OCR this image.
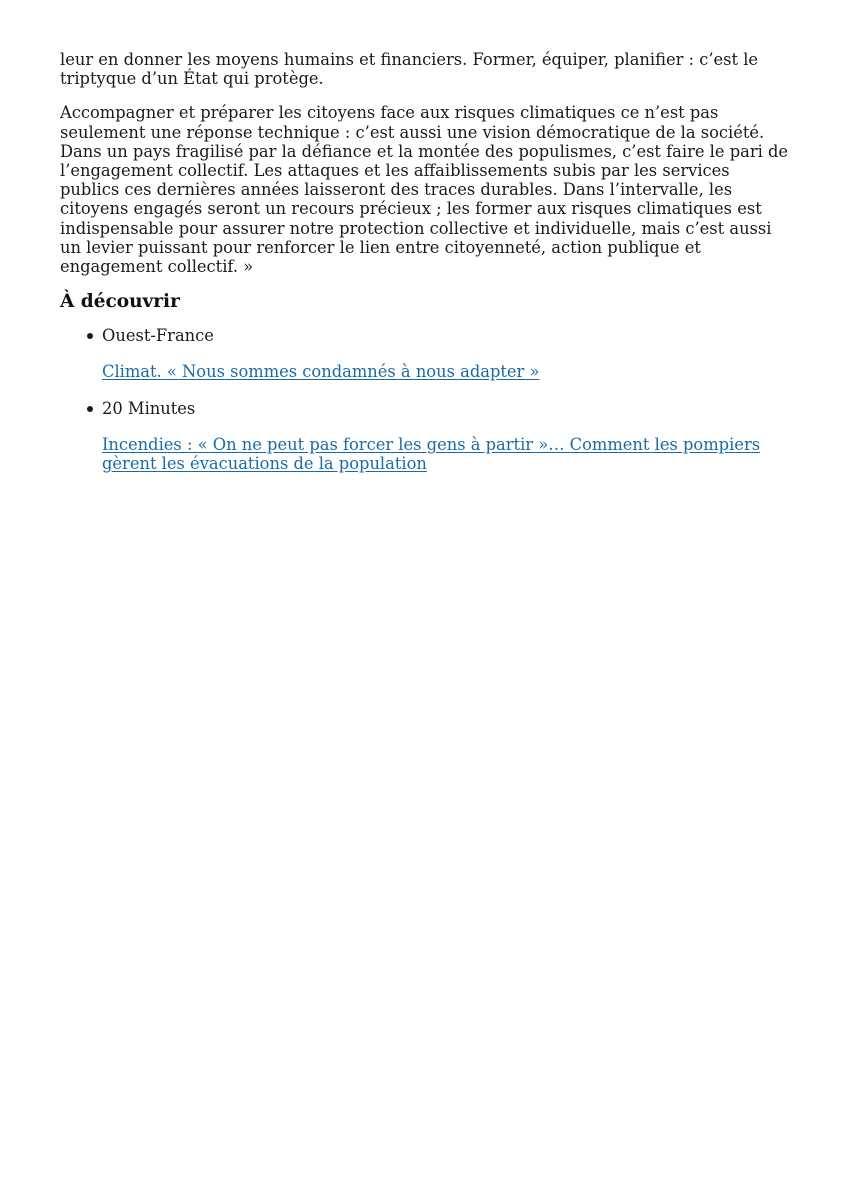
leur en donner les moyens humains et financiers. Former, équiper, planifier : c’est le triptyque d’un État qui protège.

Accompagner et préparer les citoyens face aux risques climatiques ce n’est pas seulement une réponse technique : c’est aussi une vision démocratique de la société. Dans un pays fragilisé par la défiance et la montée des populismes, c’est faire le pari de l’engagement collectif. Les attaques et les affaiblissements subis par les services publics ces dernières années laisseront des traces durables. Dans l’intervalle, les citoyens engagés seront un recours précieux ; les former aux risques climatiques est indispensable pour assurer notre protection collective et individuelle, mais c’est aussi un levier puissant pour renforcer le lien entre citoyenneté, action publique et engagement collectif. »

À découvrir
Ouest-France
Climat. « Nous sommes condamnés à nous adapter »
20 Minutes
Incendies : « On ne peut pas forcer les gens à partir »… Comment les pompiers gèrent les évacuations de la population
